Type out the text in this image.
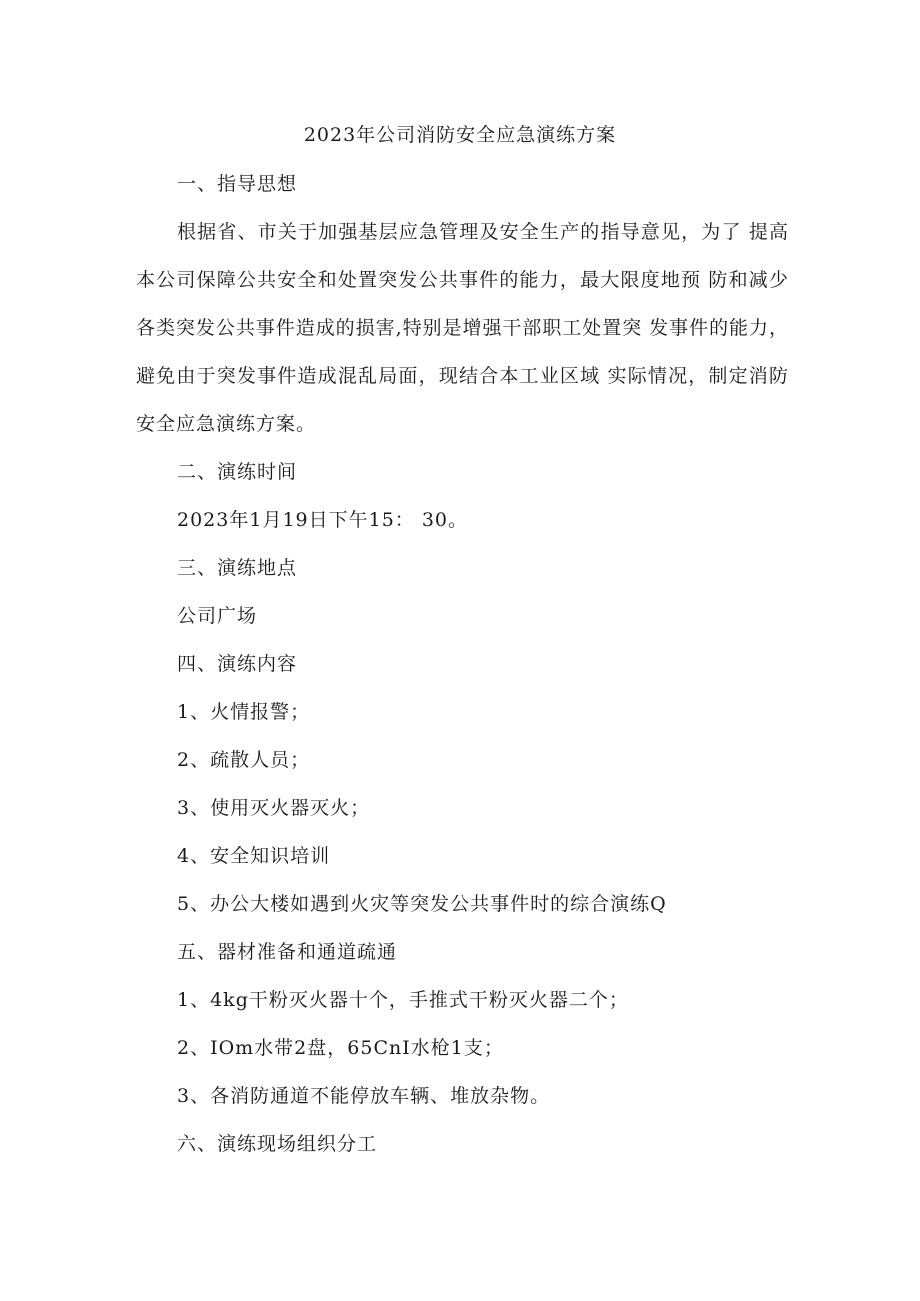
2023年公司消防安全应急演练方案
一、指导思想
根据省、市关于加强基层应急管理及安全生产的指导意见，为了 提高
本公司保障公共安全和处置突发公共事件的能力，最大限度地预 防和减少
各类突发公共事件造成的损害,特别是增强干部职工处置突 发事件的能力，
避免由于突发事件造成混乱局面，现结合本工业区域 实际情况，制定消防
安全应急演练方案。
二、演练时间
2023年1月19日下午15： 30。
三、演练地点
公司广场
四、演练内容
1、火情报警；
2、疏散人员；
3、使用灭火器灭火；
4、安全知识培训
5、办公大楼如遇到火灾等突发公共事件时的综合演练Q
五、器材准备和通道疏通
1、4kg干粉灭火器十个，手推式干粉灭火器二个；
2、IOm水带2盘，65CnI水枪1支；
3、各消防通道不能停放车辆、堆放杂物。
六、演练现场组织分工
